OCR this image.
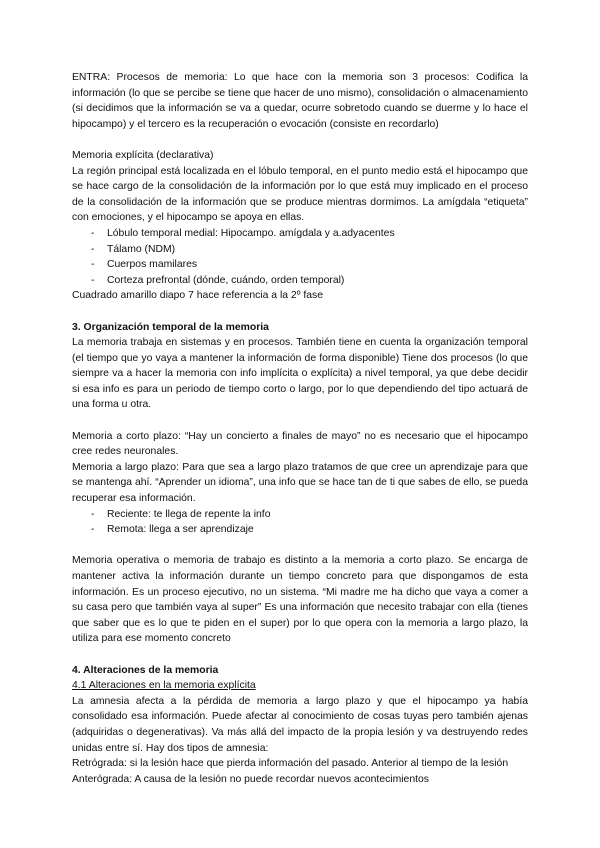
ENTRA: Procesos de memoria: Lo que hace con la memoria son 3 procesos: Codifica la información (lo que se percibe se tiene que hacer de uno mismo), consolidación o almacenamiento (si decidimos que la información se va a quedar, ocurre sobretodo cuando se duerme y lo hace el hipocampo) y el tercero es la recuperación o evocación (consiste en recordarlo)

Memoria explícita (declarativa)

La región principal está localizada en el lóbulo temporal, en el punto medio está el hipocampo que se hace cargo de la consolidación de la información por lo que está muy implicado en el proceso de la consolidación de la información que se produce mientras dormimos. La amígdala “etiqueta” con emociones, y el hipocampo se apoya en ellas.

- Lóbulo temporal medial: Hipocampo. amígdala y a.adyacentes
- Tálamo (NDM)
- Cuerpos mamilares
- Corteza prefrontal (dónde, cuándo, orden temporal)

Cuadrado amarillo diapo 7 hace referencia a la 2º fase

3. Organización temporal de la memoria

La memoria trabaja en sistemas y en procesos. También tiene en cuenta la organización temporal (el tiempo que yo vaya a mantener la información de forma disponible) Tiene dos procesos (lo que siempre va a hacer la memoria con info implícita o explícita) a nivel temporal, ya que debe decidir si esa info es para un periodo de tiempo corto o largo, por lo que dependiendo del tipo actuará de una forma u otra.

Memoria a corto plazo: “Hay un concierto a finales de mayo” no es necesario que el hipocampo cree redes neuronales.

Memoria a largo plazo: Para que sea a largo plazo tratamos de que cree un aprendizaje para que se mantenga ahí. “Aprender un idioma”, una info que se hace tan de ti que sabes de ello, se pueda recuperar esa información.

- Reciente: te llega de repente la info
- Remota: llega a ser aprendizaje

Memoria operativa o memoria de trabajo es distinto a la memoria a corto plazo. Se encarga de mantener activa la información durante un tiempo concreto para que dispongamos de esta información. Es un proceso ejecutivo, no un sistema. “Mi madre me ha dicho que vaya a comer a su casa pero que también vaya al super” Es una información que necesito trabajar con ella (tienes que saber que es lo que te piden en el super) por lo que opera con la memoria a largo plazo, la utiliza para ese momento concreto

4. Alteraciones de la memoria

4.1 Alteraciones en la memoria explícita

La amnesia afecta a la pérdida de memoria a largo plazo y que el hipocampo ya había consolidado esa información. Puede afectar al conocimiento de cosas tuyas pero también ajenas (adquiridas o degenerativas). Va más allá del impacto de la propia lesión y va destruyendo redes unidas entre sí. Hay dos tipos de amnesia:

Retrógrada: si la lesión hace que pierda información del pasado. Anterior al tiempo de la lesión

Anterógrada: A causa de la lesión no puede recordar nuevos acontecimientos
